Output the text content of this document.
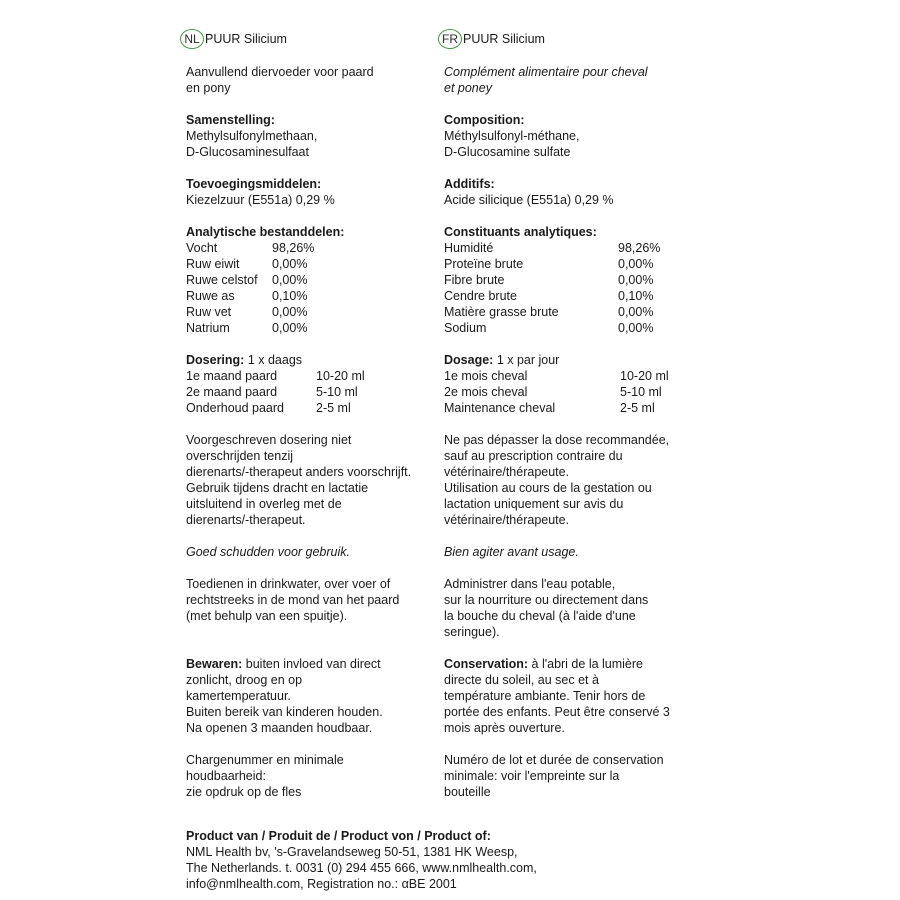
NL PUUR Silicium
Aanvullend diervoeder voor paard
en pony
Samenstelling:
Methylsulfonylmethaan,
D-Glucosaminesulfaat
Toevoegingsmiddelen:
Kiezelzuur (E551a) 0,29 %
Analytische bestanddelen:
Vocht	98,26%
Ruw eiwit	0,00%
Ruwe celstof	0,00%
Ruwe as	0,10%
Ruw vet	0,00%
Natrium	0,00%
Dosering: 1 x daags
1e maand paard	10-20 ml
2e maand paard	5-10 ml
Onderhoud paard	2-5 ml
Voorgeschreven dosering niet
overschrijden tenzij
dierenarts/-therapeut anders voorschrijft.
Gebruik tijdens dracht en lactatie
uitsluitend in overleg met de
dierenarts/-therapeut.
Goed schudden voor gebruik.
Toedienen in drinkwater, over voer of
rechtstreeks in de mond van het paard
(met behulp van een spuitje).
Bewaren: buiten invloed van direct
zonlicht, droog en op
kamertemperatuur.
Buiten bereik van kinderen houden.
Na openen 3 maanden houdbaar.
Chargenummer en minimale
houdbaarheid:
zie opdruk op de fles
FR PUUR Silicium
Complément alimentaire pour cheval
et poney
Composition:
Méthylsulfonyl-méthane,
D-Glucosamine sulfate
Additifs:
Acide silicique (E551a) 0,29 %
Constituants analytiques:
Humidité	98,26%
Proteïne brute	0,00%
Fibre brute	0,00%
Cendre brute	0,10%
Matière grasse brute	0,00%
Sodium	0,00%
Dosage: 1 x par jour
1e mois cheval	10-20 ml
2e mois cheval	5-10 ml
Maintenance cheval	2-5 ml
Ne pas dépasser la dose recommandée,
sauf au prescription contraire du
vétérinaire/thérapeute.
Utilisation au cours de la gestation ou
lactation uniquement sur avis du
vétérinaire/thérapeute.
Bien agiter avant usage.
Administrer dans l'eau potable,
sur la nourriture ou directement dans
la bouche du cheval (à l'aide d'une
seringue).
Conservation: à l'abri de la lumière
directe du soleil, au sec et à
température ambiante. Tenir hors de
portée des enfants. Peut être conservé 3
mois après ouverture.
Numéro de lot et durée de conservation
minimale: voir l'empreinte sur la
bouteille
Product van / Produit de / Product von / Product of:
NML Health bv, 's-Gravelandseweg 50-51, 1381 HK Weesp,
The Netherlands. t. 0031 (0) 294 455 666, www.nmlhealth.com,
info@nmlhealth.com, Registration no.: αBE 2001
